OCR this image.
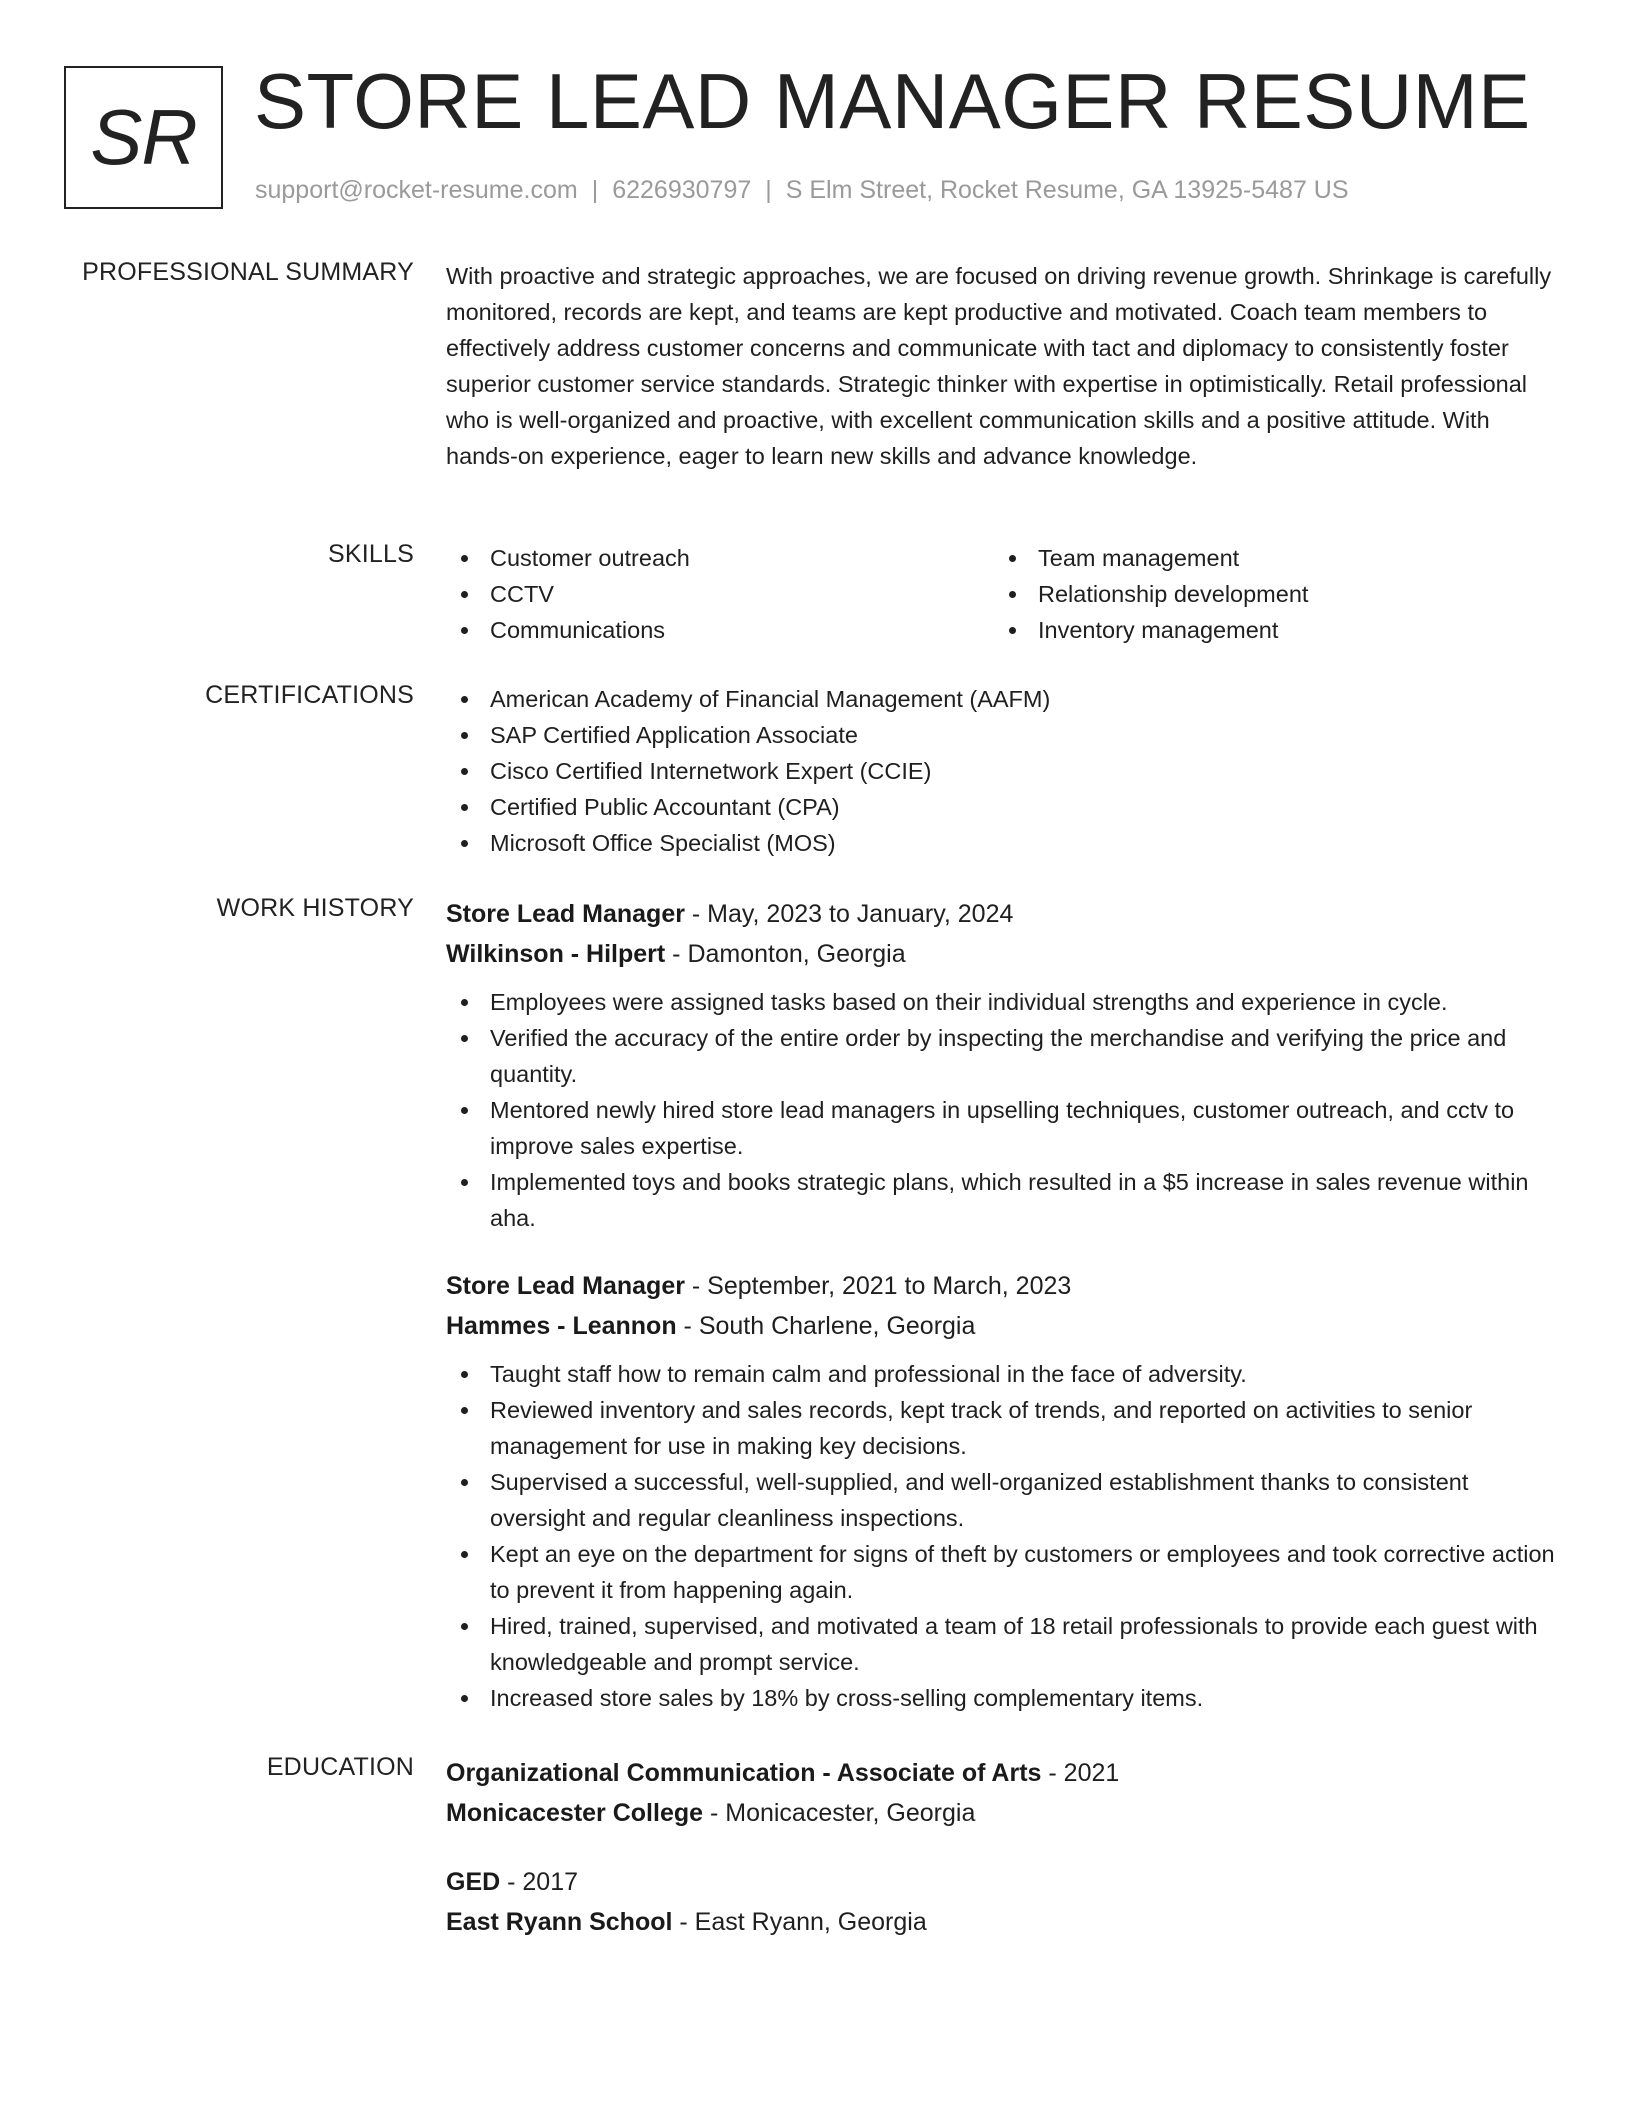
SR STORE LEAD MANAGER RESUME
support@rocket-resume.com | 6226930797 | S Elm Street, Rocket Resume, GA 13925-5487 US
PROFESSIONAL SUMMARY With proactive and strategic approaches, we are focused on driving revenue growth. Shrinkage is carefully monitored, records are kept, and teams are kept productive and motivated. Coach team members to effectively address customer concerns and communicate with tact and diplomacy to consistently foster superior customer service standards. Strategic thinker with expertise in optimistically. Retail professional who is well-organized and proactive, with excellent communication skills and a positive attitude. With hands-on experience, eager to learn new skills and advance knowledge.
SKILLS	Customer outreach
CCTV
Communications
Team management
Relationship development
Inventory management
CERTIFICATIONS	American Academy of Financial Management (AAFM)
SAP Certified Application Associate
Cisco Certified Internetwork Expert (CCIE)
Certified Public Accountant (CPA)
Microsoft Office Specialist (MOS)
WORK HISTORY Store Lead Manager - May, 2023 to January, 2024
Wilkinson - Hilpert - Damonton, Georgia
Employees were assigned tasks based on their individual strengths and experience in cycle.
Verified the accuracy of the entire order by inspecting the merchandise and verifying the price and quantity.
Mentored newly hired store lead managers in upselling techniques, customer outreach, and cctv to improve sales expertise.
Implemented toys and books strategic plans, which resulted in a $5 increase in sales revenue within aha.
Store Lead Manager - September, 2021 to March, 2023
Hammes - Leannon - South Charlene, Georgia
Taught staff how to remain calm and professional in the face of adversity.
Reviewed inventory and sales records, kept track of trends, and reported on activities to senior management for use in making key decisions.
Supervised a successful, well-supplied, and well-organized establishment thanks to consistent oversight and regular cleanliness inspections.
Kept an eye on the department for signs of theft by customers or employees and took corrective action to prevent it from happening again.
Hired, trained, supervised, and motivated a team of 18 retail professionals to provide each guest with knowledgeable and prompt service.
Increased store sales by 18% by cross-selling complementary items.
EDUCATION Organizational Communication - Associate of Arts - 2021
Monicacester College - Monicacester, Georgia
GED - 2017
East Ryann School - East Ryann, Georgia
